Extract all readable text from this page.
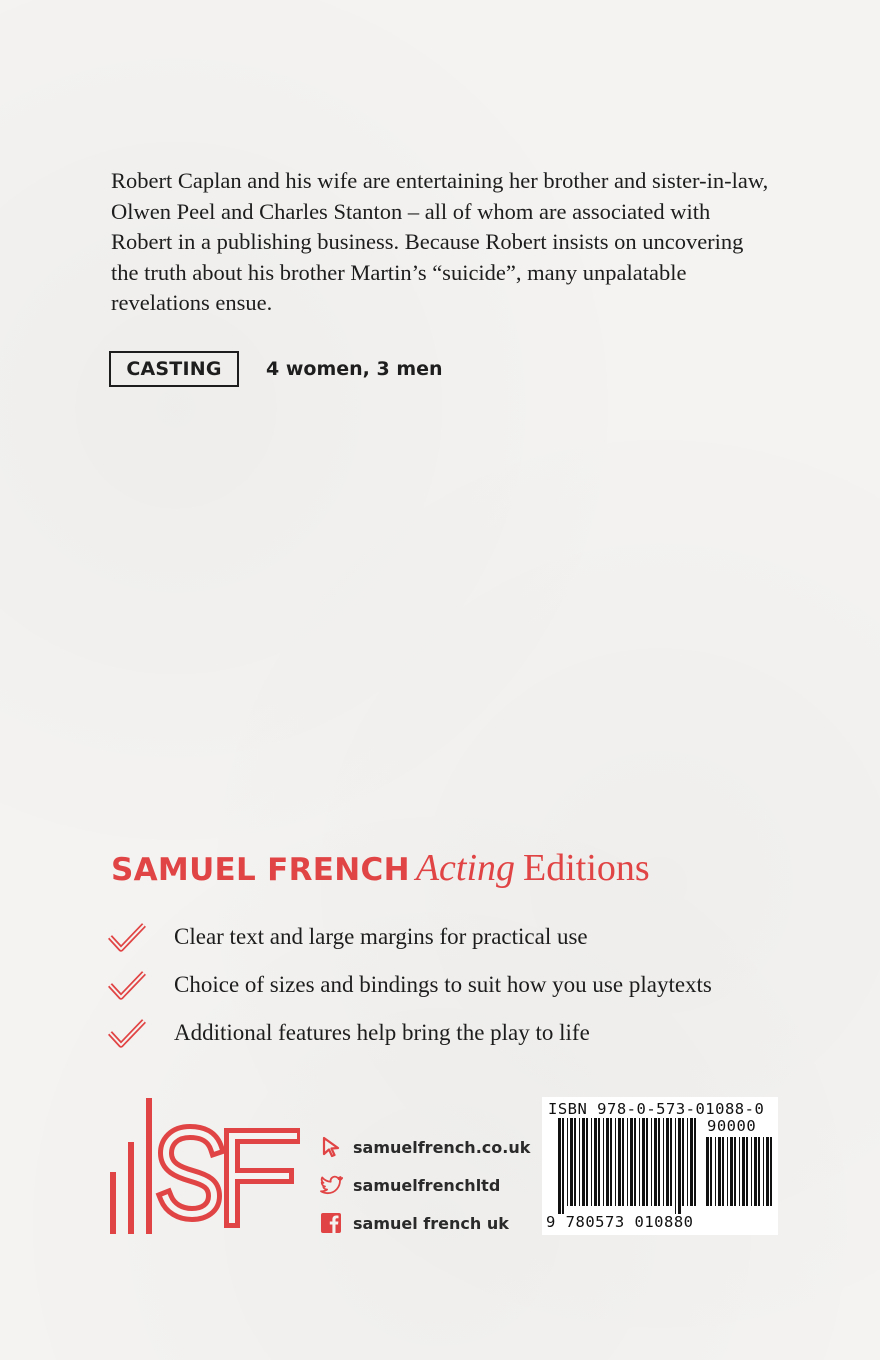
Robert Caplan and his wife are entertaining her brother and sister-in-law, Olwen Peel and Charles Stanton – all of whom are associated with Robert in a publishing business. Because Robert insists on uncovering the truth about his brother Martin’s “suicide”, many unpalatable revelations ensue.

CASTING	4 women, 3 men
SAMUEL FRENCH Acting Editions
Clear text and large margins for practical use
Choice of sizes and bindings to suit how you use playtexts
Additional features help bring the play to life
samuelfrench.co.uk
samuelfrenchltd
samuel french uk
ISBN 978-0-573-01088-0
90000
9 780573 010880
